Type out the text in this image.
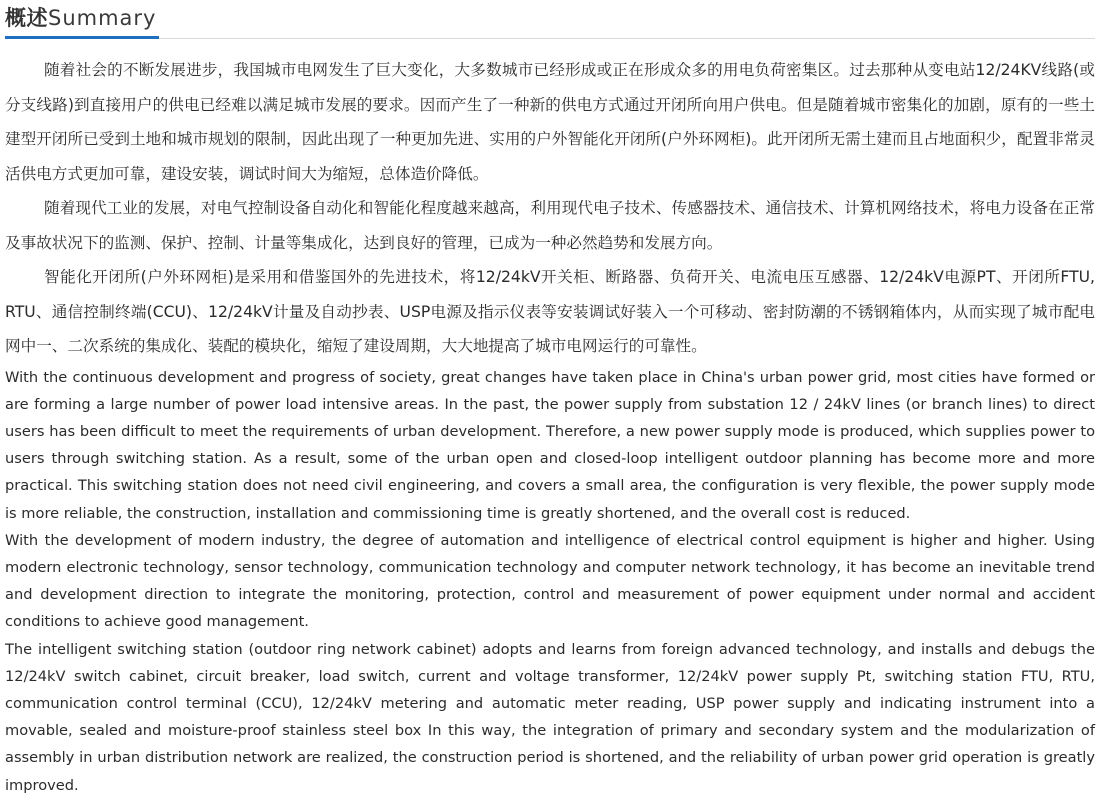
概述Summary

随着社会的不断发展进步，我国城市电网发生了巨大变化，大多数城市已经形成或正在形成众多的用电负荷密集区。过去那种从变电站12/24KV线路(或分支线路)到直接用户的供电已经难以满足城市发展的要求。因而产生了一种新的供电方式通过开闭所向用户供电。但是随着城市密集化的加剧，原有的一些土建型开闭所已受到土地和城市规划的限制，因此出现了一种更加先进、实用的户外智能化开闭所(户外环网柜)。此开闭所无需土建而且占地面积少，配置非常灵活供电方式更加可靠，建设安装，调试时间大为缩短，总体造价降低。

随着现代工业的发展，对电气控制设备自动化和智能化程度越来越高，利用现代电子技术、传感器技术、通信技术、计算机网络技术，将电力设备在正常及事故状况下的监测、保护、控制、计量等集成化，达到良好的管理，已成为一种必然趋势和发展方向。

智能化开闭所(户外环网柜)是采用和借鉴国外的先进技术，将12/24kV开关柜、断路器、负荷开关、电流电压互感器、12/24kV电源PT、开闭所FTU, RTU、通信控制终端(CCU)、12/24kV计量及自动抄表、USP电源及指示仪表等安装调试好装入一个可移动、密封防潮的不锈钢箱体内，从而实现了城市配电网中一、二次系统的集成化、装配的模块化，缩短了建设周期，大大地提高了城市电网运行的可靠性。

With the continuous development and progress of society, great changes have taken place in China's urban power grid, most cities have formed or are forming a large number of power load intensive areas. In the past, the power supply from substation 12 / 24kV lines (or branch lines) to direct users has been difficult to meet the requirements of urban development. Therefore, a new power supply mode is produced, which supplies power to users through switching station. As a result, some of the urban open and closed-loop intelligent outdoor planning has become more and more practical. This switching station does not need civil engineering, and covers a small area, the configuration is very flexible, the power supply mode is more reliable, the construction, installation and commissioning time is greatly shortened, and the overall cost is reduced.

With the development of modern industry, the degree of automation and intelligence of electrical control equipment is higher and higher. Using modern electronic technology, sensor technology, communication technology and computer network technology, it has become an inevitable trend and development direction to integrate the monitoring, protection, control and measurement of power equipment under normal and accident conditions to achieve good management.

The intelligent switching station (outdoor ring network cabinet) adopts and learns from foreign advanced technology, and installs and debugs the 12/24kV switch cabinet, circuit breaker, load switch, current and voltage transformer, 12/24kV power supply Pt, switching station FTU, RTU, communication control terminal (CCU), 12/24kV metering and automatic meter reading, USP power supply and indicating instrument into a movable, sealed and moisture-proof stainless steel box In this way, the integration of primary and secondary system and the modularization of assembly in urban distribution network are realized, the construction period is shortened, and the reliability of urban power grid operation is greatly improved.
